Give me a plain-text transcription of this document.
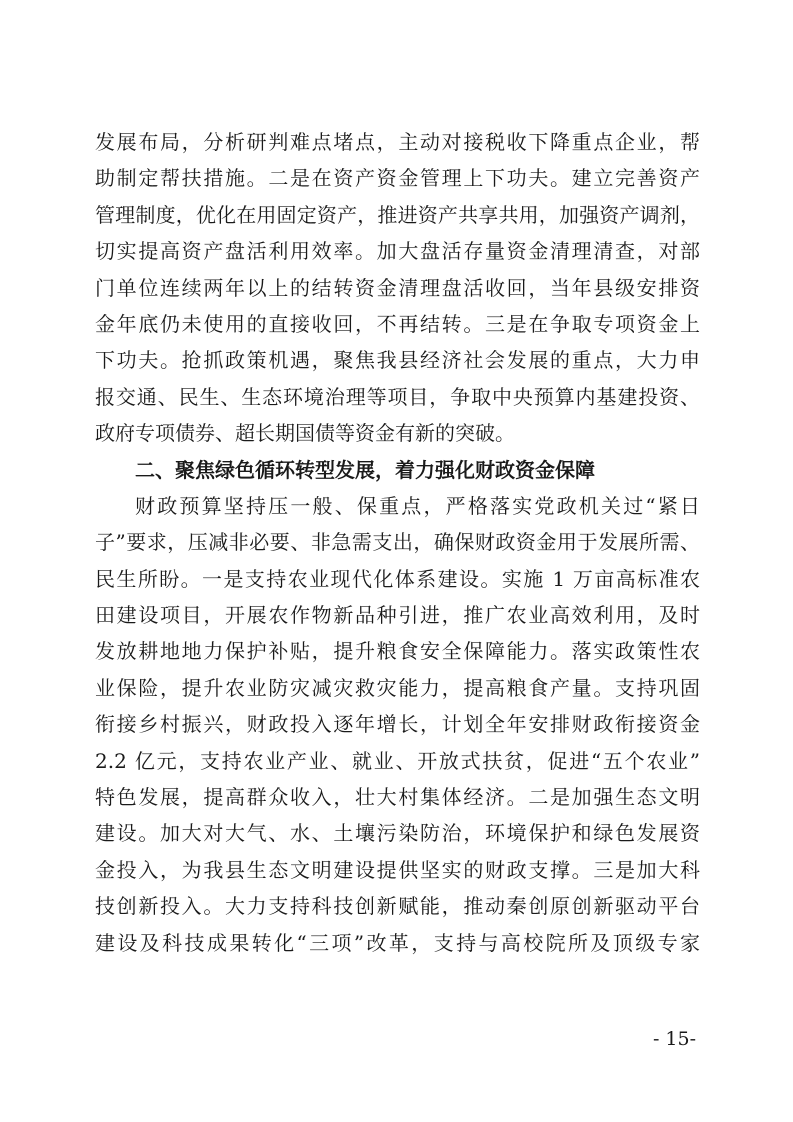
发展布局，分析研判难点堵点，主动对接税收下降重点企业，帮
助制定帮扶措施。二是在资产资金管理上下功夫。建立完善资产
管理制度，优化在用固定资产，推进资产共享共用，加强资产调剂，
切实提高资产盘活利用效率。加大盘活存量资金清理清查，对部
门单位连续两年以上的结转资金清理盘活收回，当年县级安排资
金年底仍未使用的直接收回，不再结转。三是在争取专项资金上
下功夫。抢抓政策机遇，聚焦我县经济社会发展的重点，大力申
报交通、民生、生态环境治理等项目，争取中央预算内基建投资、
政府专项债券、超长期国债等资金有新的突破。
二、聚焦绿色循环转型发展，着力强化财政资金保障
财政预算坚持压一般、保重点，严格落实党政机关过“紧日
子”要求，压减非必要、非急需支出，确保财政资金用于发展所需、
民生所盼。一是支持农业现代化体系建设。实施 1 万亩高标准农
田建设项目，开展农作物新品种引进，推广农业高效利用，及时
发放耕地地力保护补贴，提升粮食安全保障能力。落实政策性农
业保险，提升农业防灾减灾救灾能力，提高粮食产量。支持巩固
衔接乡村振兴，财政投入逐年增长，计划全年安排财政衔接资金
2.2 亿元，支持农业产业、就业、开放式扶贫，促进“五个农业”
特色发展，提高群众收入，壮大村集体经济。二是加强生态文明
建设。加大对大气、水、土壤污染防治，环境保护和绿色发展资
金投入，为我县生态文明建设提供坚实的财政支撑。三是加大科
技创新投入。大力支持科技创新赋能，推动秦创原创新驱动平台
建设及科技成果转化“三项”改革，支持与高校院所及顶级专家
- 15-
